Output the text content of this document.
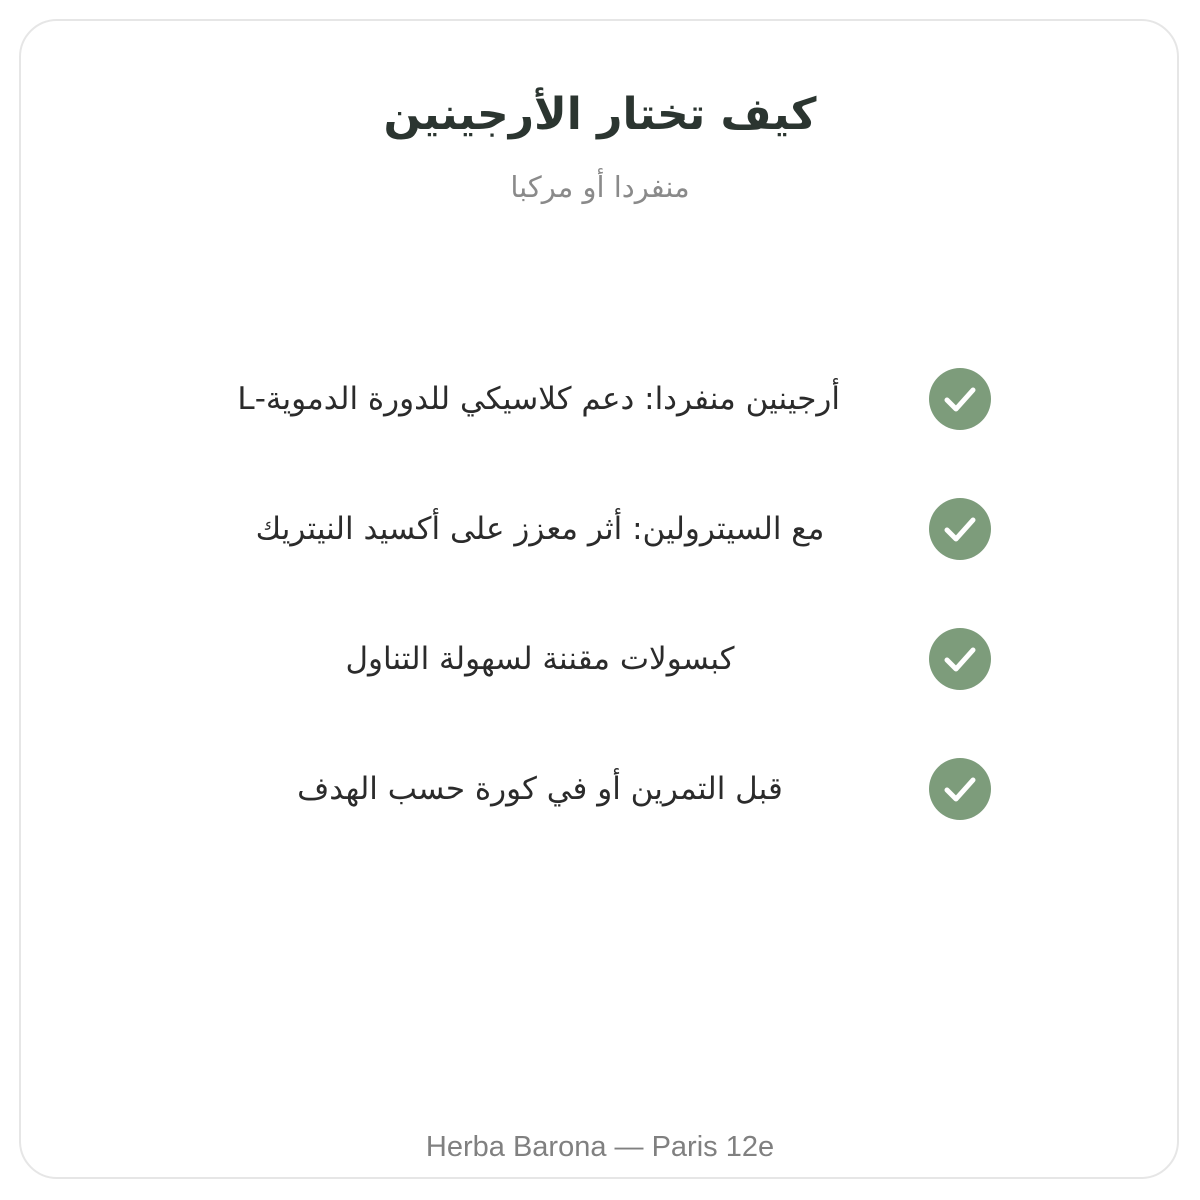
كيف تختار الأرجينين
منفردا أو مركبا
أرجينين منفردا: دعم كلاسيكي للدورة الدموية-L
مع السيترولين: أثر معزز على أكسيد النيتريك
كبسولات مقننة لسهولة التناول
قبل التمرين أو في كورة حسب الهدف
Herba Barona — Paris 12e
